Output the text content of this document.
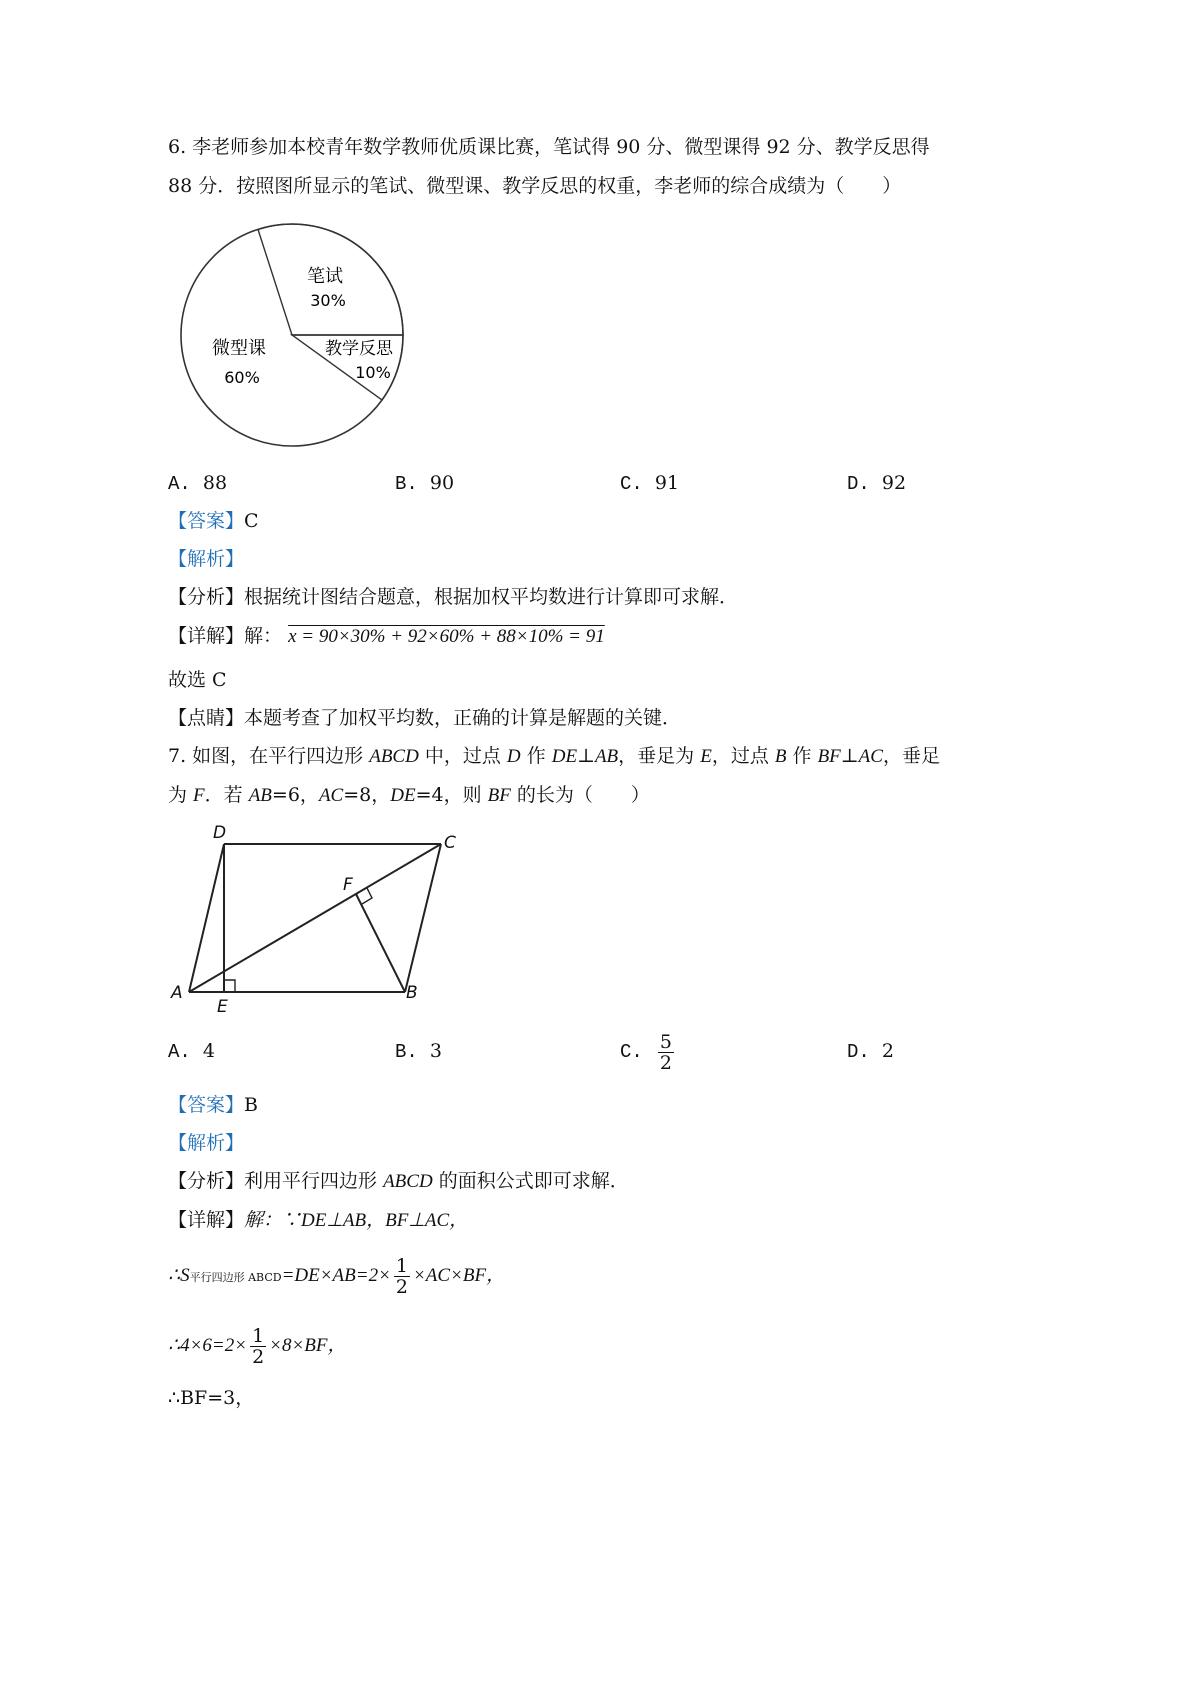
6. 李老师参加本校青年数学教师优质课比赛，笔试得 90 分、微型课得 92 分、教学反思得
88 分．按照图所显示的笔试、微型课、教学反思的权重，李老师的综合成绩为（　　）
笔试
30%
教学反思
10%
微型课
60%
A. 88	B. 90	C. 91	D. 92
【答案】C
【解析】
【分析】根据统计图结合题意，根据加权平均数进行计算即可求解．
【详解】解： x = 90×30% + 92×60% + 88×10% = 91
故选 C
【点睛】本题考查了加权平均数，正确的计算是解题的关键．
7. 如图，在平行四边形 ABCD 中，过点 D 作 DE⊥AB，垂足为 E，过点 B 作 BF⊥AC，垂足
为 F．若 AB=6，AC=8，DE=4，则 BF 的长为（　　）
A	B
C
D
E
F
A. 4	B. 3	C. $\frac{5}{2}$	D. 2
【答案】B
【解析】
【分析】利用平行四边形 ABCD 的面积公式即可求解．
【详解】解：∵DE⊥AB，BF⊥AC，
∴S平行四边形 ABCD=DE×AB=2× $\frac{1}{2} \times AC\times BF$，
∴4×6=2× $\frac{1}{2} \times 8\times BF$，
∴BF=3，
